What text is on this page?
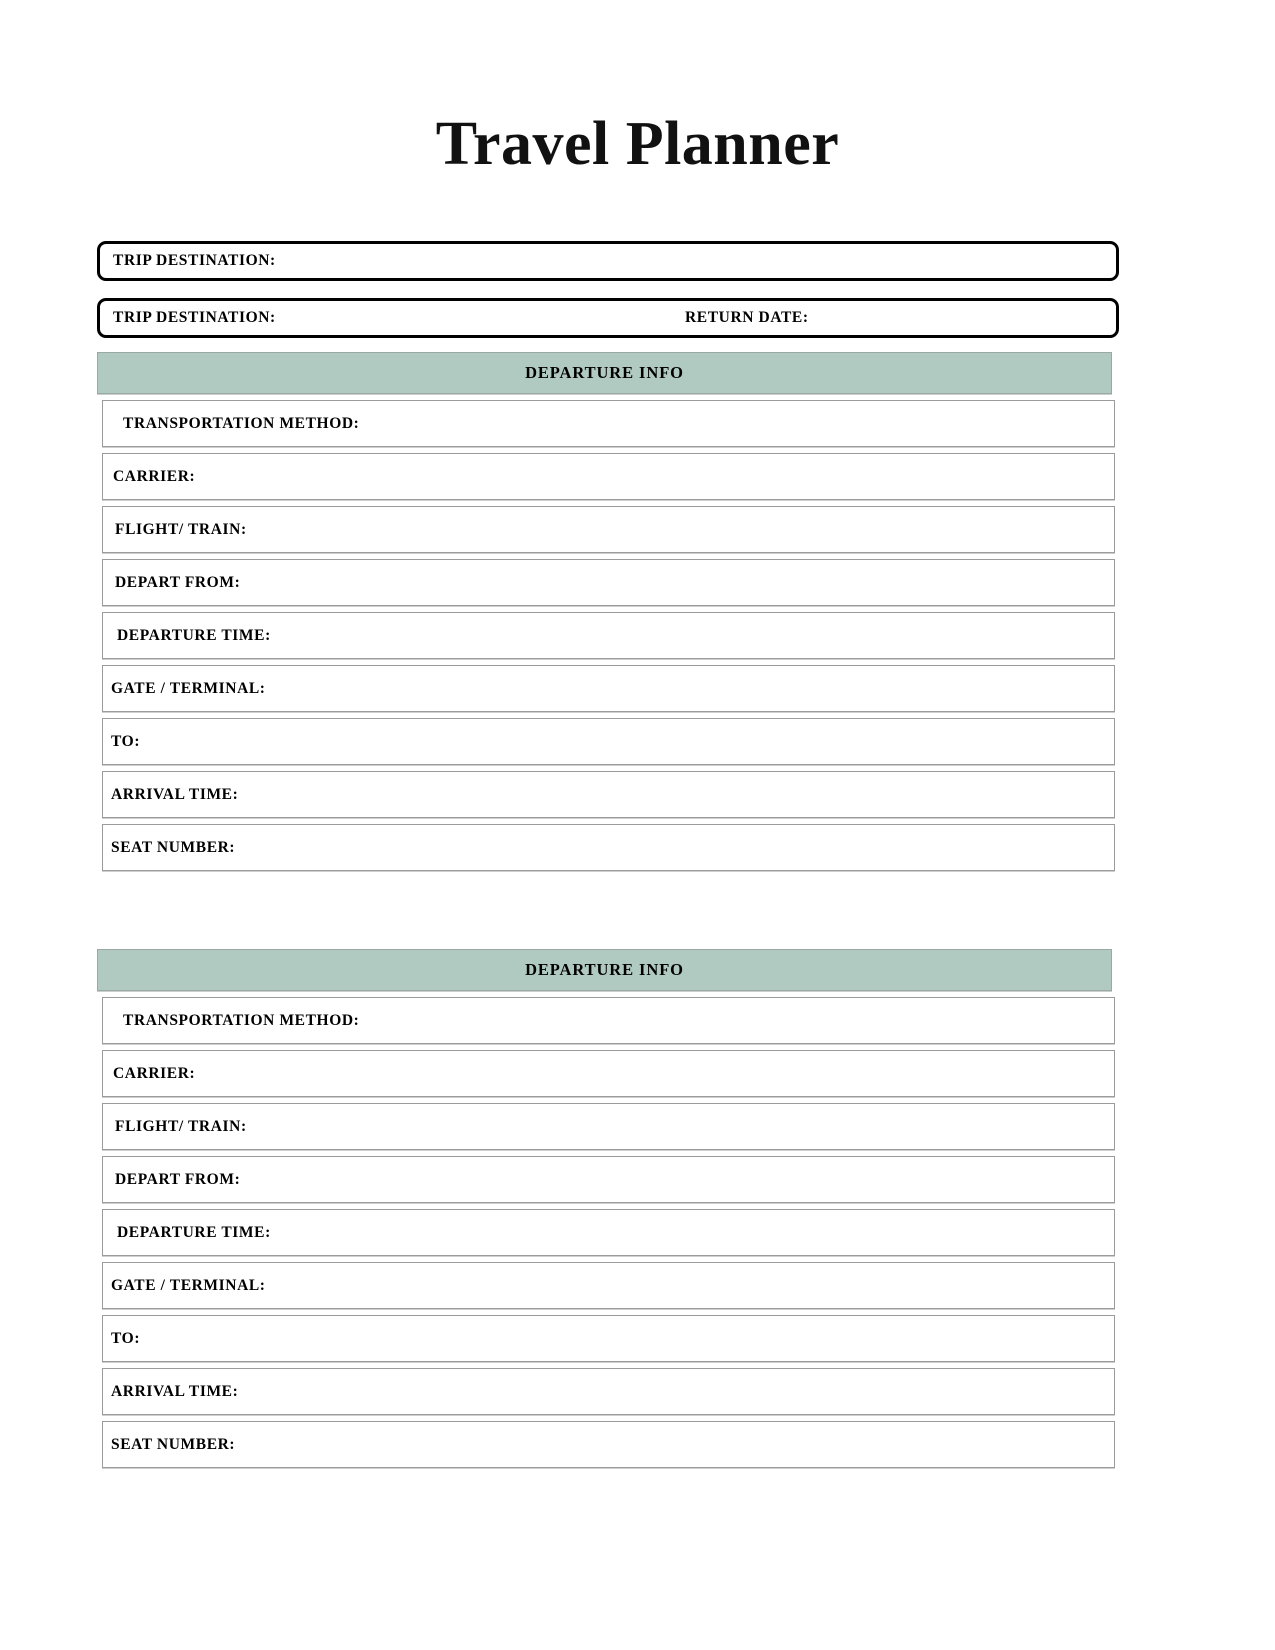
Travel Planner
TRIP DESTINATION:
TRIP DESTINATION:	RETURN DATE:
DEPARTURE INFO
TRANSPORTATION METHOD:
CARRIER:
FLIGHT/ TRAIN:
DEPART FROM:
DEPARTURE TIME:
GATE / TERMINAL:
TO:
ARRIVAL TIME:
SEAT NUMBER:
DEPARTURE INFO
TRANSPORTATION METHOD:
CARRIER:
FLIGHT/ TRAIN:
DEPART FROM:
DEPARTURE TIME:
GATE / TERMINAL:
TO:
ARRIVAL TIME:
SEAT NUMBER:
